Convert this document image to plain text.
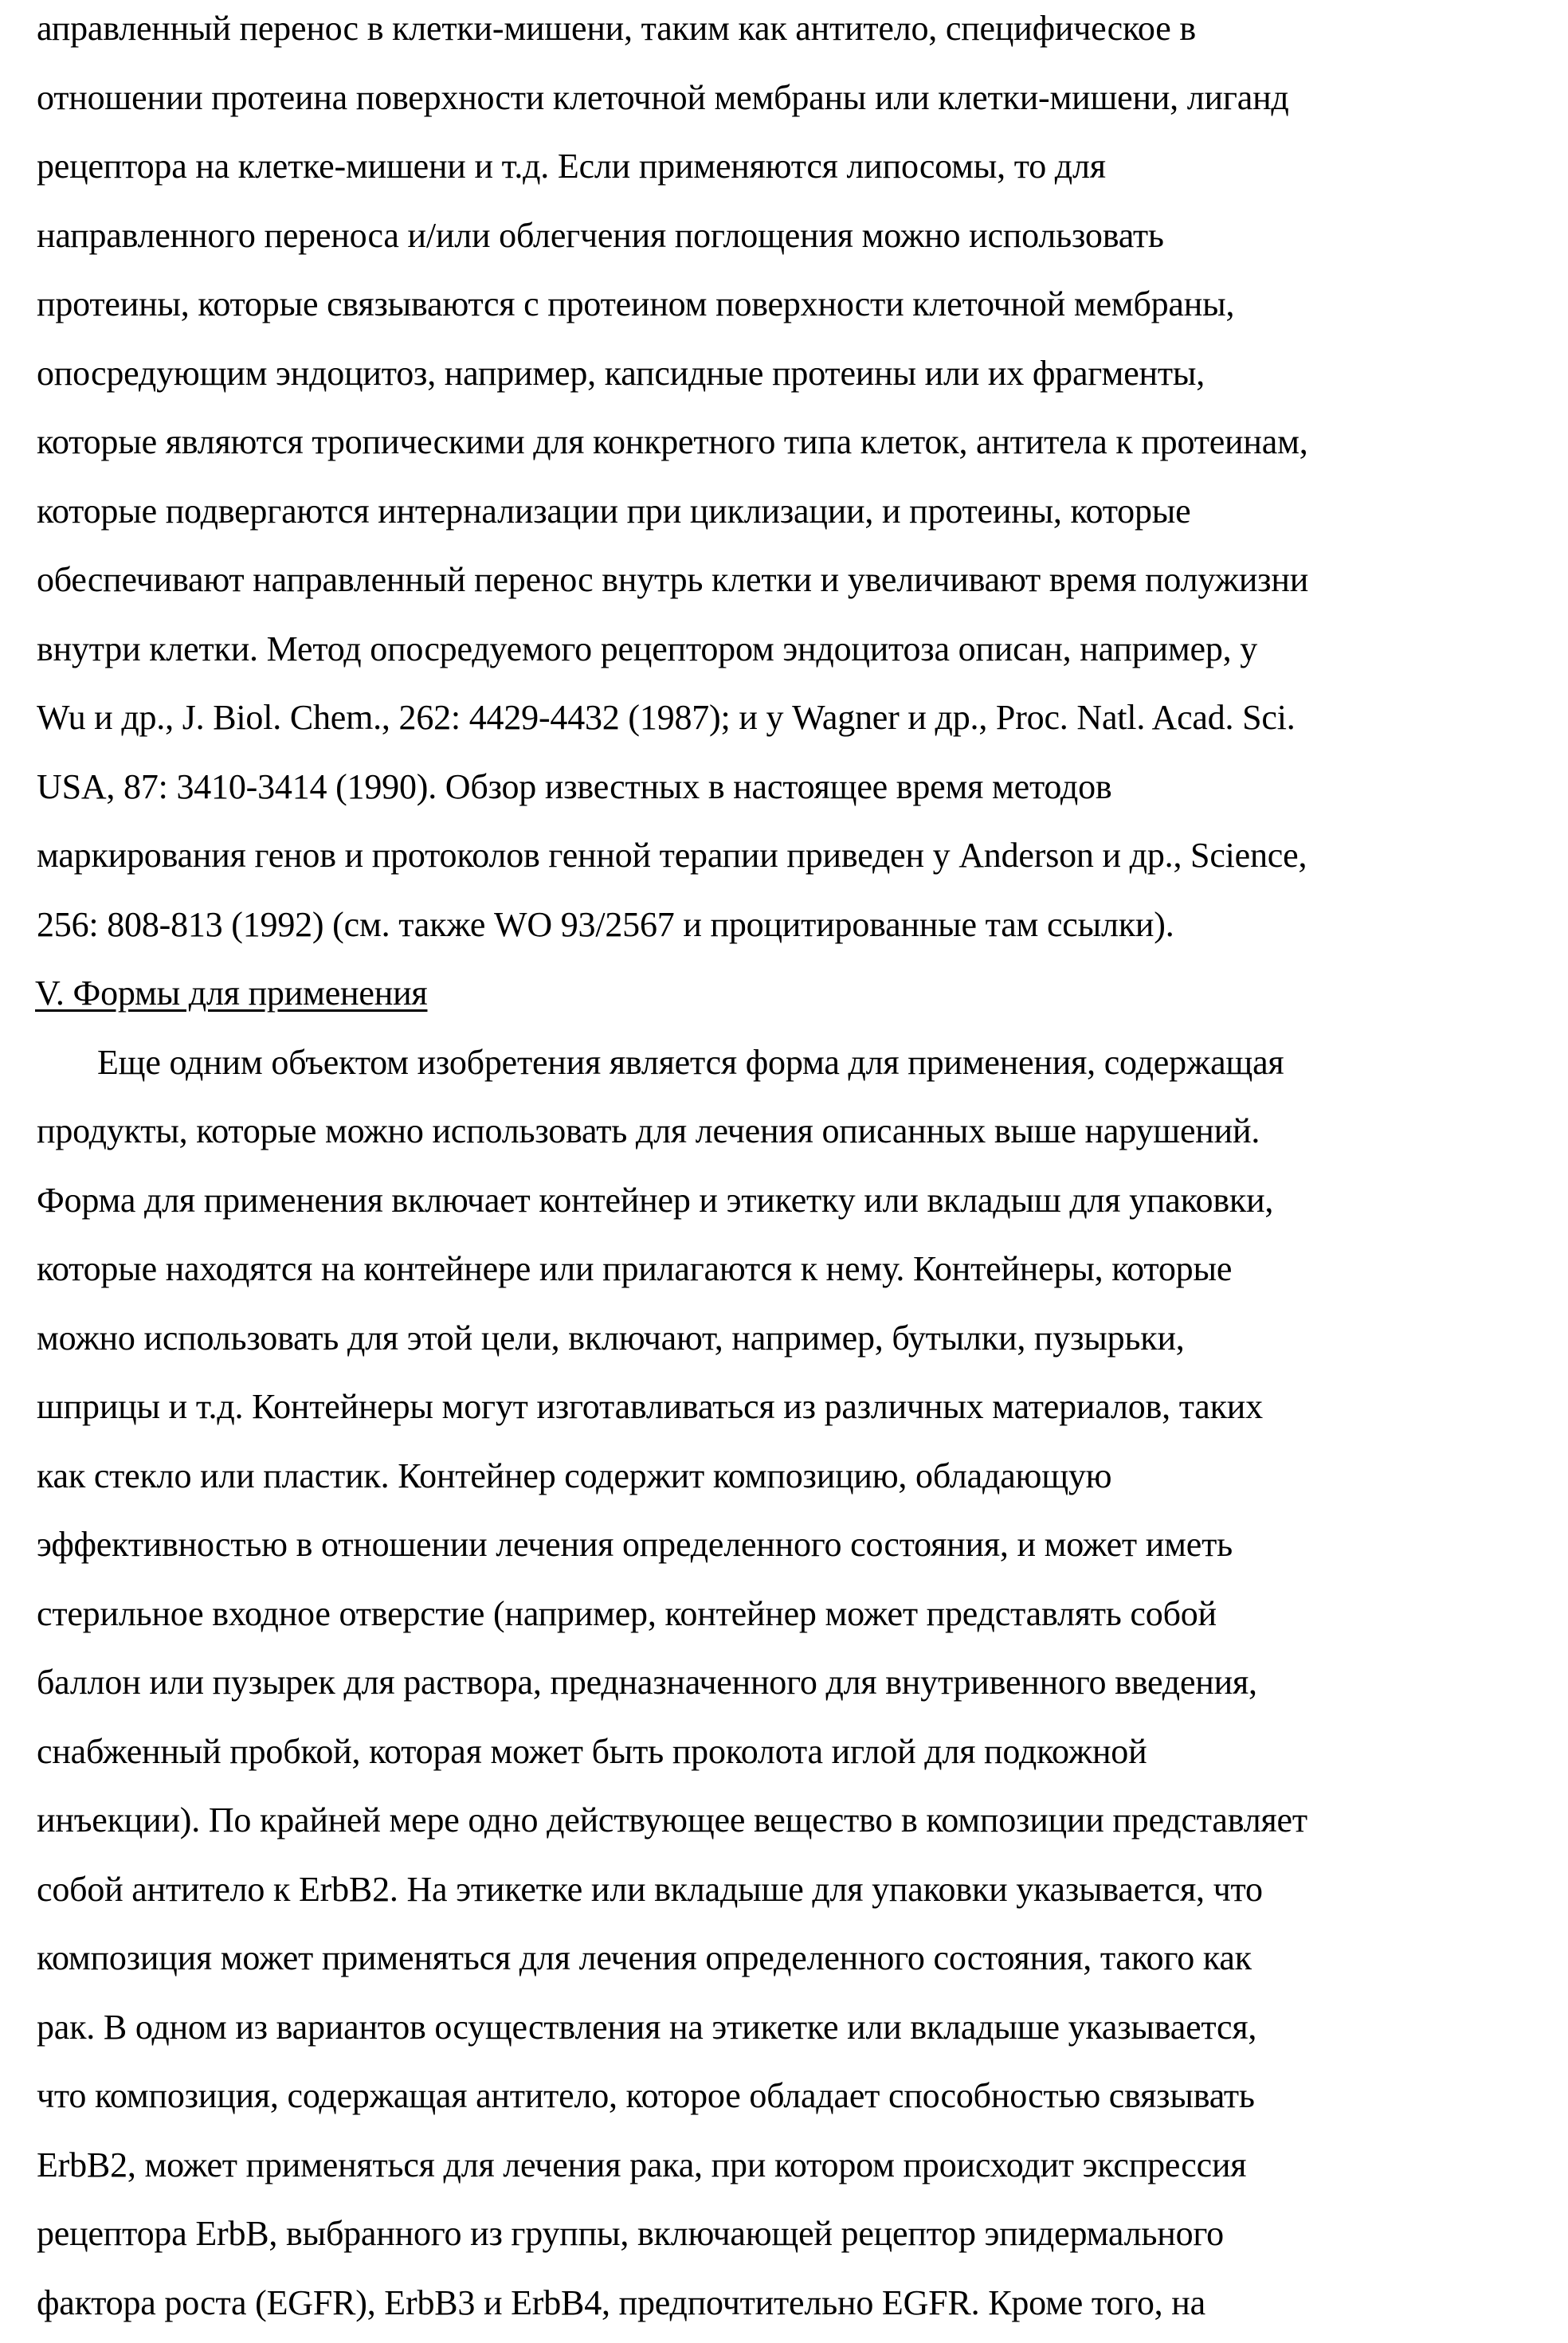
аправленный перенос в клетки-мишени, таким как антитело, специфическое в
отношении протеина поверхности клеточной мембраны или клетки-мишени, лиганд
рецептора на клетке-мишени и т.д. Если применяются липосомы, то для
направленного переноса и/или облегчения поглощения можно использовать
протеины, которые связываются с протеином поверхности клеточной мембраны,
опосредующим эндоцитоз, например, капсидные протеины или их фрагменты,
которые являются тропическими для конкретного типа клеток, антитела к протеинам,
которые подвергаются интернализации при циклизации, и протеины, которые
обеспечивают направленный перенос внутрь клетки и увеличивают время полужизни
внутри клетки. Метод опосредуемого рецептором эндоцитоза описан, например, у
Wu и др., J. Biol. Chem., 262: 4429-4432 (1987); и у Wagner и др., Proc. Natl. Acad. Sci.
USA, 87: 3410-3414 (1990). Обзор известных в настоящее время методов
маркирования генов и протоколов генной терапии приведен у Anderson и др., Science,
256: 808-813 (1992) (см. также WO 93/2567 и процитированные там ссылки).
V. Формы для применения
Еще одним объектом изобретения является форма для применения, содержащая
продукты, которые можно использовать для лечения описанных выше нарушений.
Форма для применения включает контейнер и этикетку или вкладыш для упаковки,
которые находятся на контейнере или прилагаются к нему. Контейнеры, которые
можно использовать для этой цели, включают, например, бутылки, пузырьки,
шприцы и т.д. Контейнеры могут изготавливаться из различных материалов, таких
как стекло или пластик. Контейнер содержит композицию, обладающую
эффективностью в отношении лечения определенного состояния, и может иметь
стерильное входное отверстие (например, контейнер может представлять собой
баллон или пузырек для раствора, предназначенного для внутривенного введения,
снабженный пробкой, которая может быть проколота иглой для подкожной
инъекции). По крайней мере одно действующее вещество в композиции представляет
собой антитело к ErbB2. На этикетке или вкладыше для упаковки указывается, что
композиция может применяться для лечения определенного состояния, такого как
рак. В одном из вариантов осуществления на этикетке или вкладыше указывается,
что композиция, содержащая антитело, которое обладает способностью связывать
ErbB2, может применяться для лечения рака, при котором происходит экспрессия
рецептора ErbB, выбранного из группы, включающей рецептор эпидермального
фактора роста (EGFR), ErbB3 и ErbB4, предпочтительно EGFR. Кроме того, на
